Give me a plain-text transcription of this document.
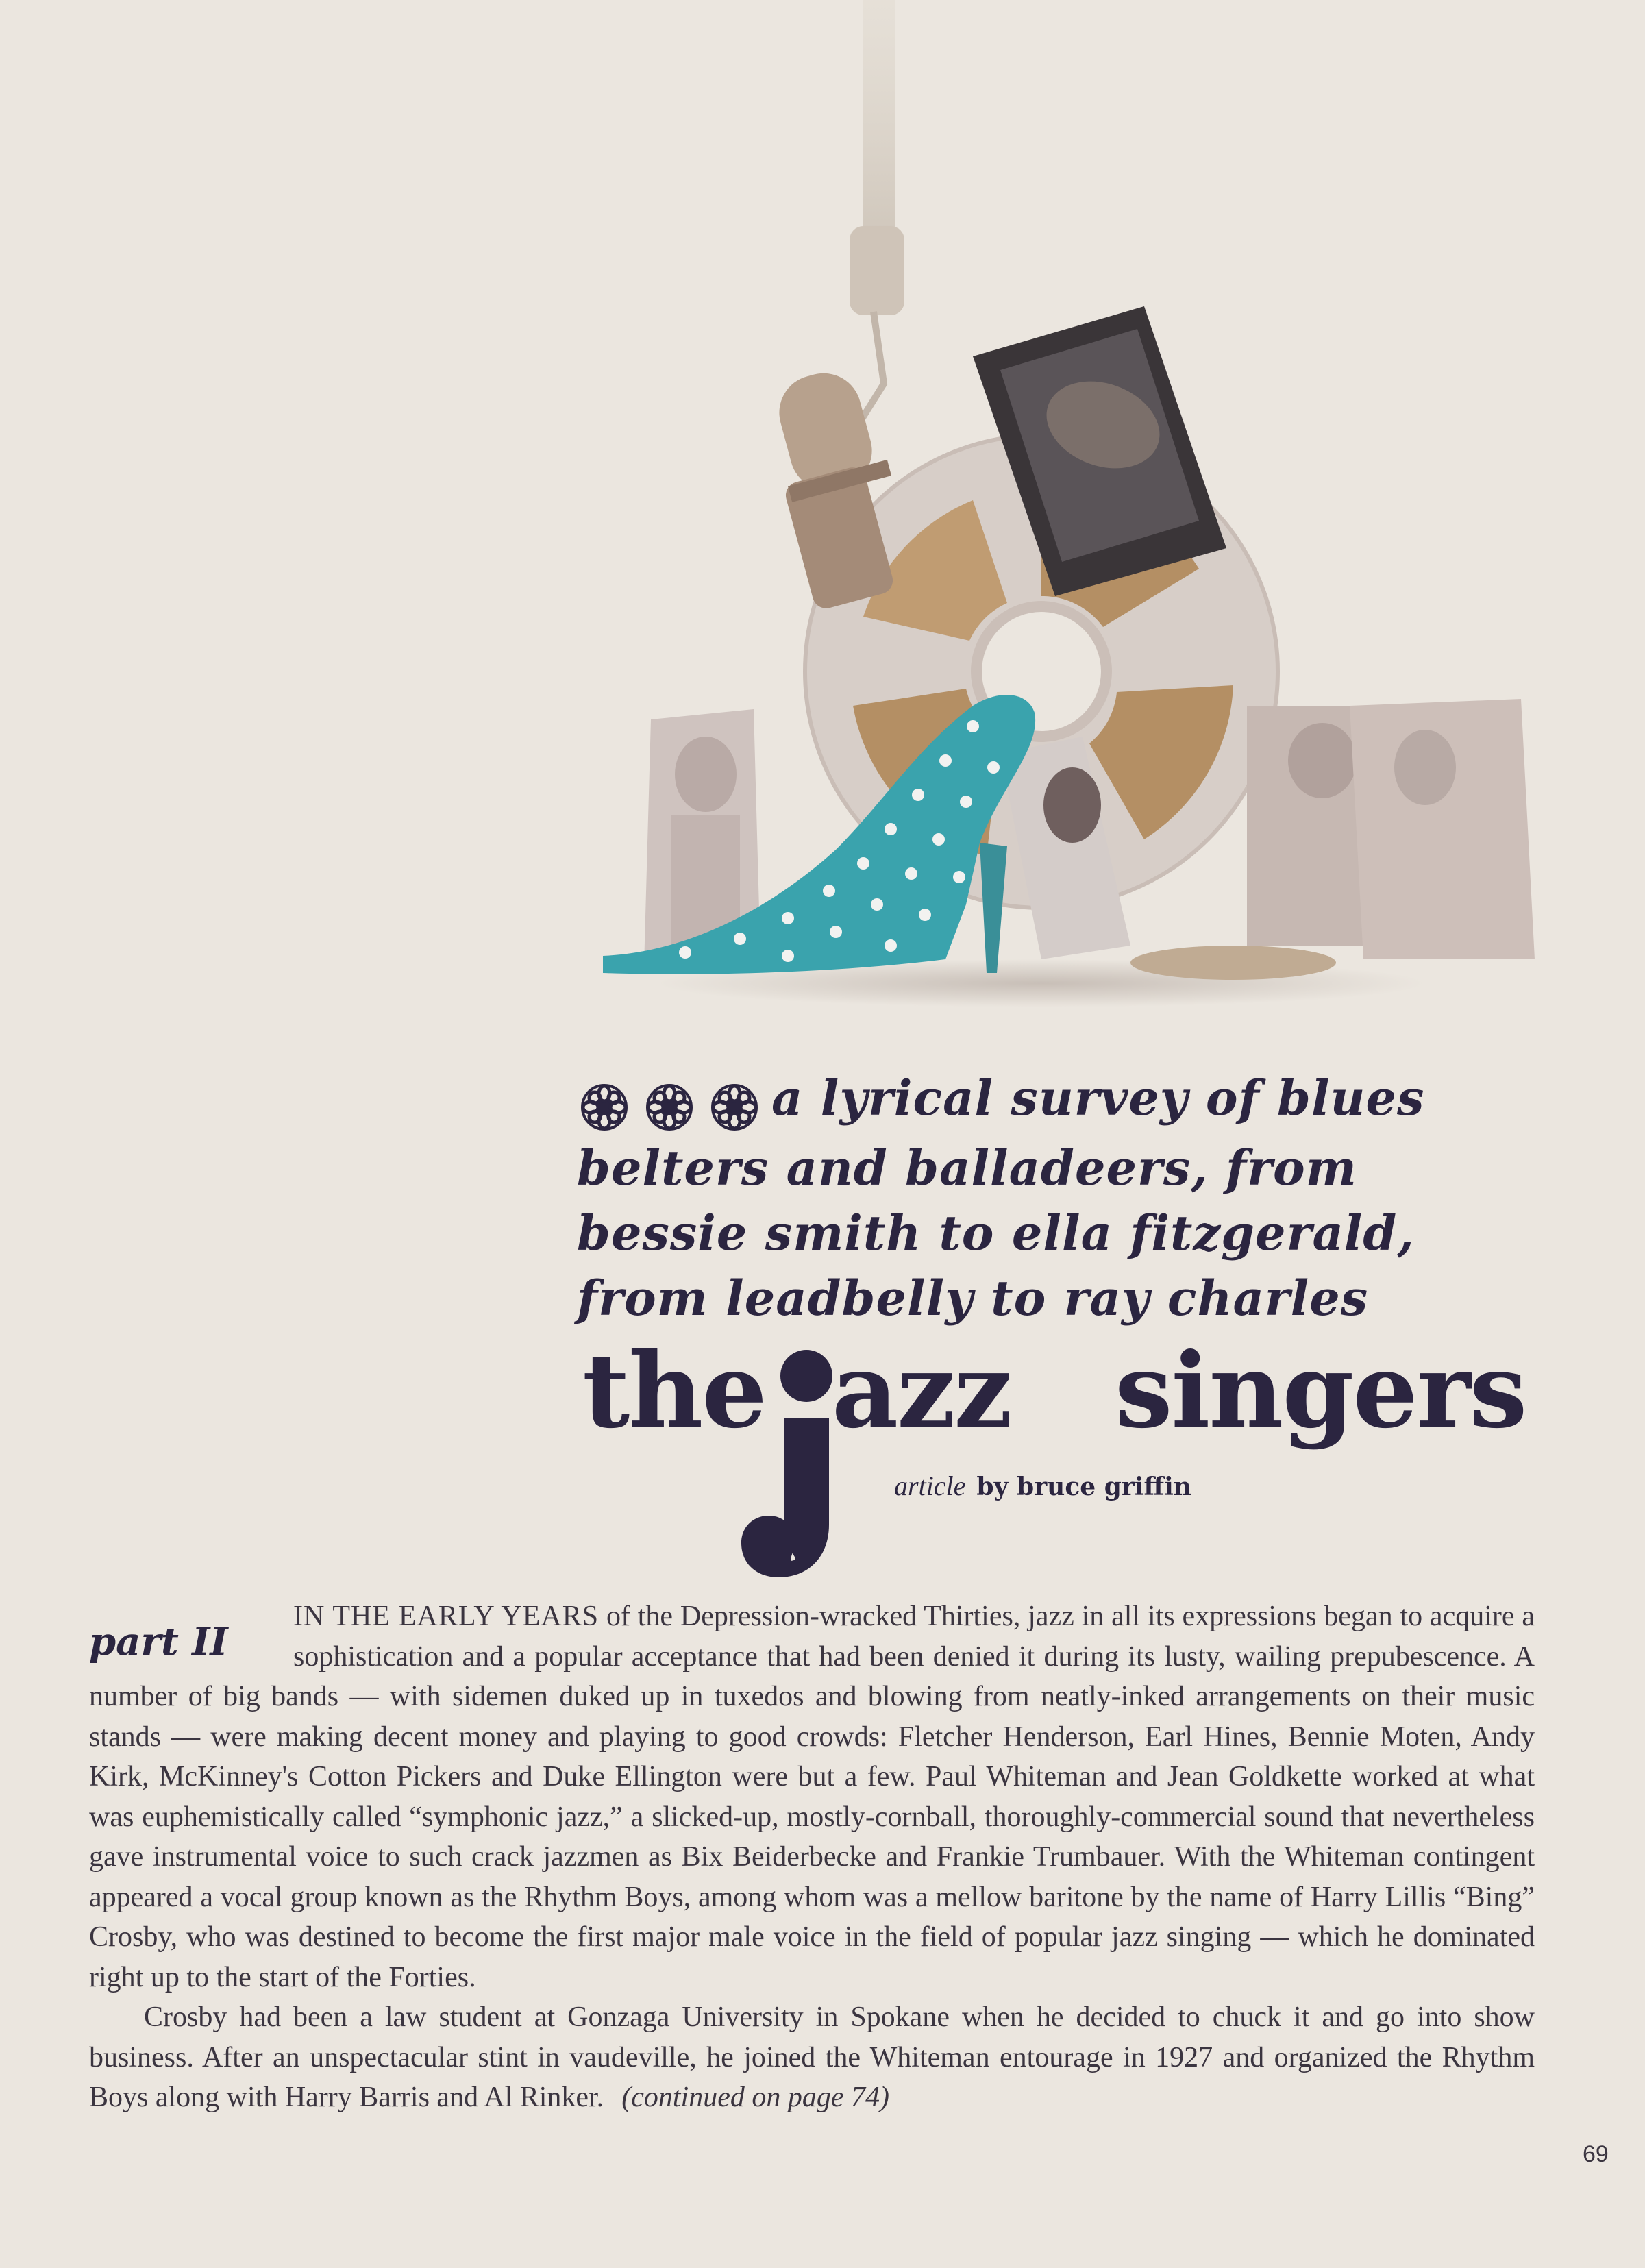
a lyrical survey of blues
belters and balladeers, from
bessie smith to ella fitzgerald,
from leadbelly to ray charles
the azz singers
article by bruce griffin
part II

IN THE EARLY YEARS of the Depression-wracked Thirties, jazz in all its expressions began to acquire a sophistication and a popular acceptance that had been denied it during its lusty, wailing prepubescence. A number of big bands — with sidemen duked up in tuxedos and blowing from neatly-inked arrangements on their music stands — were making decent money and playing to good crowds: Fletcher Henderson, Earl Hines, Bennie Moten, Andy Kirk, McKinney's Cotton Pickers and Duke Ellington were but a few. Paul Whiteman and Jean Goldkette worked at what was euphemistically called “symphonic jazz,” a slicked-up, mostly-cornball, thoroughly-commercial sound that nevertheless gave instrumental voice to such crack jazzmen as Bix Beiderbecke and Frankie Trumbauer. With the Whiteman contingent appeared a vocal group known as the Rhythm Boys, among whom was a mellow baritone by the name of Harry Lillis “Bing” Crosby, who was destined to become the first major male voice in the field of popular jazz singing — which he dominated right up to the start of the Forties.

Crosby had been a law student at Gonzaga University in Spokane when he decided to chuck it and go into show business. After an unspectacular stint in vaudeville, he joined the Whiteman entourage in 1927 and organized the Rhythm Boys along with Harry Barris and Al Rinker. (continued on page 74)

69
